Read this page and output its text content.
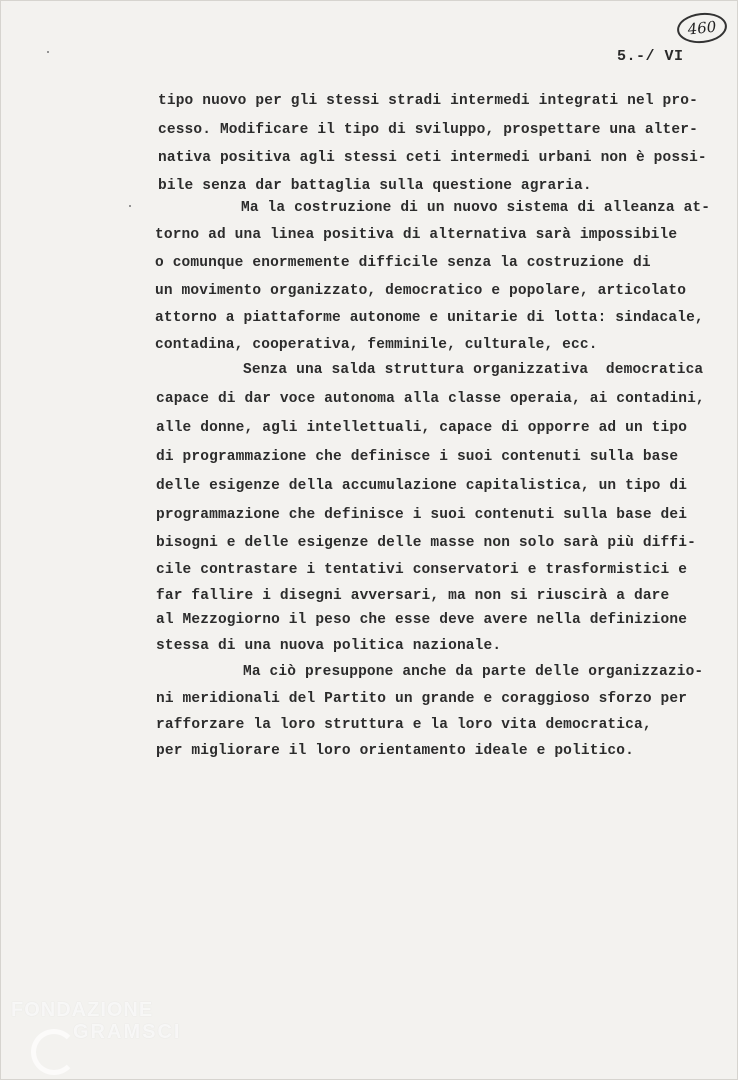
460
5.-/ VI
tipo nuovo per gli stessi stradi intermedi integrati nel pro-
cesso. Modificare il tipo di sviluppo, prospettare una alter-
nativa positiva agli stessi ceti intermedi urbani non è possi-
bile senza dar battaglia sulla questione agraria.
Ma la costruzione di un nuovo sistema di alleanza at-
torno ad una linea positiva di alternativa sarà impossibile
o comunque enormemente difficile senza la costruzione di
un movimento organizzato, democratico e popolare, articolato
attorno a piattaforme autonome e unitarie di lotta: sindacale,
contadina, cooperativa, femminile, culturale, ecc.
Senza una salda struttura organizzativa  democratica
capace di dar voce autonoma alla classe operaia, ai contadini,
alle donne, agli intellettuali, capace di opporre ad un tipo
di programmazione che definisce i suoi contenuti sulla base
delle esigenze della accumulazione capitalistica, un tipo di
programmazione che definisce i suoi contenuti sulla base dei
bisogni e delle esigenze delle masse non solo sarà più diffi-
cile contrastare i tentativi conservatori e trasformistici e
far fallire i disegni avversari, ma non si riuscirà a dare
al Mezzogiorno il peso che esse deve avere nella definizione
stessa di una nuova politica nazionale.
Ma ciò presuppone anche da parte delle organizzazio-
ni meridionali del Partito un grande e coraggioso sforzo per
rafforzare la loro struttura e la loro vita democratica,
per migliorare il loro orientamento ideale e politico.
FONDAZIONE
GRAMSCI
